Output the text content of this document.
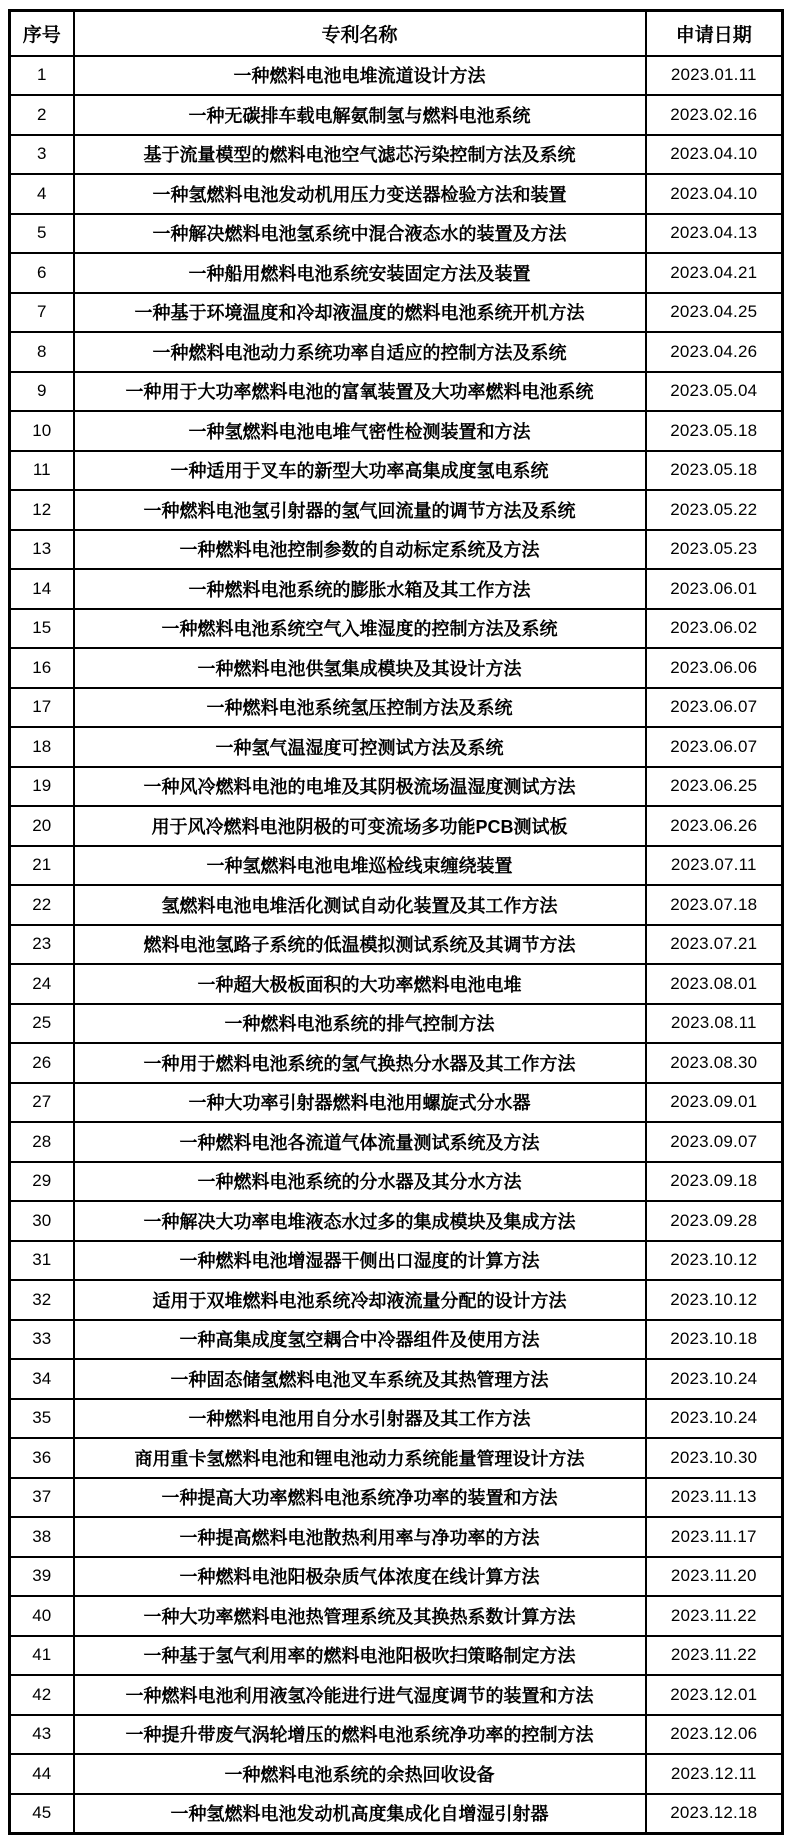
序号	专利名称	申请日期
1	一种燃料电池电堆流道设计方法	2023.01.11
2	一种无碳排车载电解氨制氢与燃料电池系统	2023.02.16
3	基于流量模型的燃料电池空气滤芯污染控制方法及系统	2023.04.10
4	一种氢燃料电池发动机用压力变送器检验方法和装置	2023.04.10
5	一种解决燃料电池氢系统中混合液态水的装置及方法	2023.04.13
6	一种船用燃料电池系统安装固定方法及装置	2023.04.21
7	一种基于环境温度和冷却液温度的燃料电池系统开机方法	2023.04.25
8	一种燃料电池动力系统功率自适应的控制方法及系统	2023.04.26
9	一种用于大功率燃料电池的富氧装置及大功率燃料电池系统	2023.05.04
10	一种氢燃料电池电堆气密性检测装置和方法	2023.05.18
11	一种适用于叉车的新型大功率高集成度氢电系统	2023.05.18
12	一种燃料电池氢引射器的氢气回流量的调节方法及系统	2023.05.22
13	一种燃料电池控制参数的自动标定系统及方法	2023.05.23
14	一种燃料电池系统的膨胀水箱及其工作方法	2023.06.01
15	一种燃料电池系统空气入堆湿度的控制方法及系统	2023.06.02
16	一种燃料电池供氢集成模块及其设计方法	2023.06.06
17	一种燃料电池系统氢压控制方法及系统	2023.06.07
18	一种氢气温湿度可控测试方法及系统	2023.06.07
19	一种风冷燃料电池的电堆及其阴极流场温湿度测试方法	2023.06.25
20	用于风冷燃料电池阴极的可变流场多功能PCB测试板	2023.06.26
21	一种氢燃料电池电堆巡检线束缠绕装置	2023.07.11
22	氢燃料电池电堆活化测试自动化装置及其工作方法	2023.07.18
23	燃料电池氢路子系统的低温模拟测试系统及其调节方法	2023.07.21
24	一种超大极板面积的大功率燃料电池电堆	2023.08.01
25	一种燃料电池系统的排气控制方法	2023.08.11
26	一种用于燃料电池系统的氢气换热分水器及其工作方法	2023.08.30
27	一种大功率引射器燃料电池用螺旋式分水器	2023.09.01
28	一种燃料电池各流道气体流量测试系统及方法	2023.09.07
29	一种燃料电池系统的分水器及其分水方法	2023.09.18
30	一种解决大功率电堆液态水过多的集成模块及集成方法	2023.09.28
31	一种燃料电池增湿器干侧出口湿度的计算方法	2023.10.12
32	适用于双堆燃料电池系统冷却液流量分配的设计方法	2023.10.12
33	一种高集成度氢空耦合中冷器组件及使用方法	2023.10.18
34	一种固态储氢燃料电池叉车系统及其热管理方法	2023.10.24
35	一种燃料电池用自分水引射器及其工作方法	2023.10.24
36	商用重卡氢燃料电池和锂电池动力系统能量管理设计方法	2023.10.30
37	一种提高大功率燃料电池系统净功率的装置和方法	2023.11.13
38	一种提高燃料电池散热利用率与净功率的方法	2023.11.17
39	一种燃料电池阳极杂质气体浓度在线计算方法	2023.11.20
40	一种大功率燃料电池热管理系统及其换热系数计算方法	2023.11.22
41	一种基于氢气利用率的燃料电池阳极吹扫策略制定方法	2023.11.22
42	一种燃料电池利用液氢冷能进行进气湿度调节的装置和方法	2023.12.01
43	一种提升带废气涡轮增压的燃料电池系统净功率的控制方法	2023.12.06
44	一种燃料电池系统的余热回收设备	2023.12.11
45	一种氢燃料电池发动机高度集成化自增湿引射器	2023.12.18
